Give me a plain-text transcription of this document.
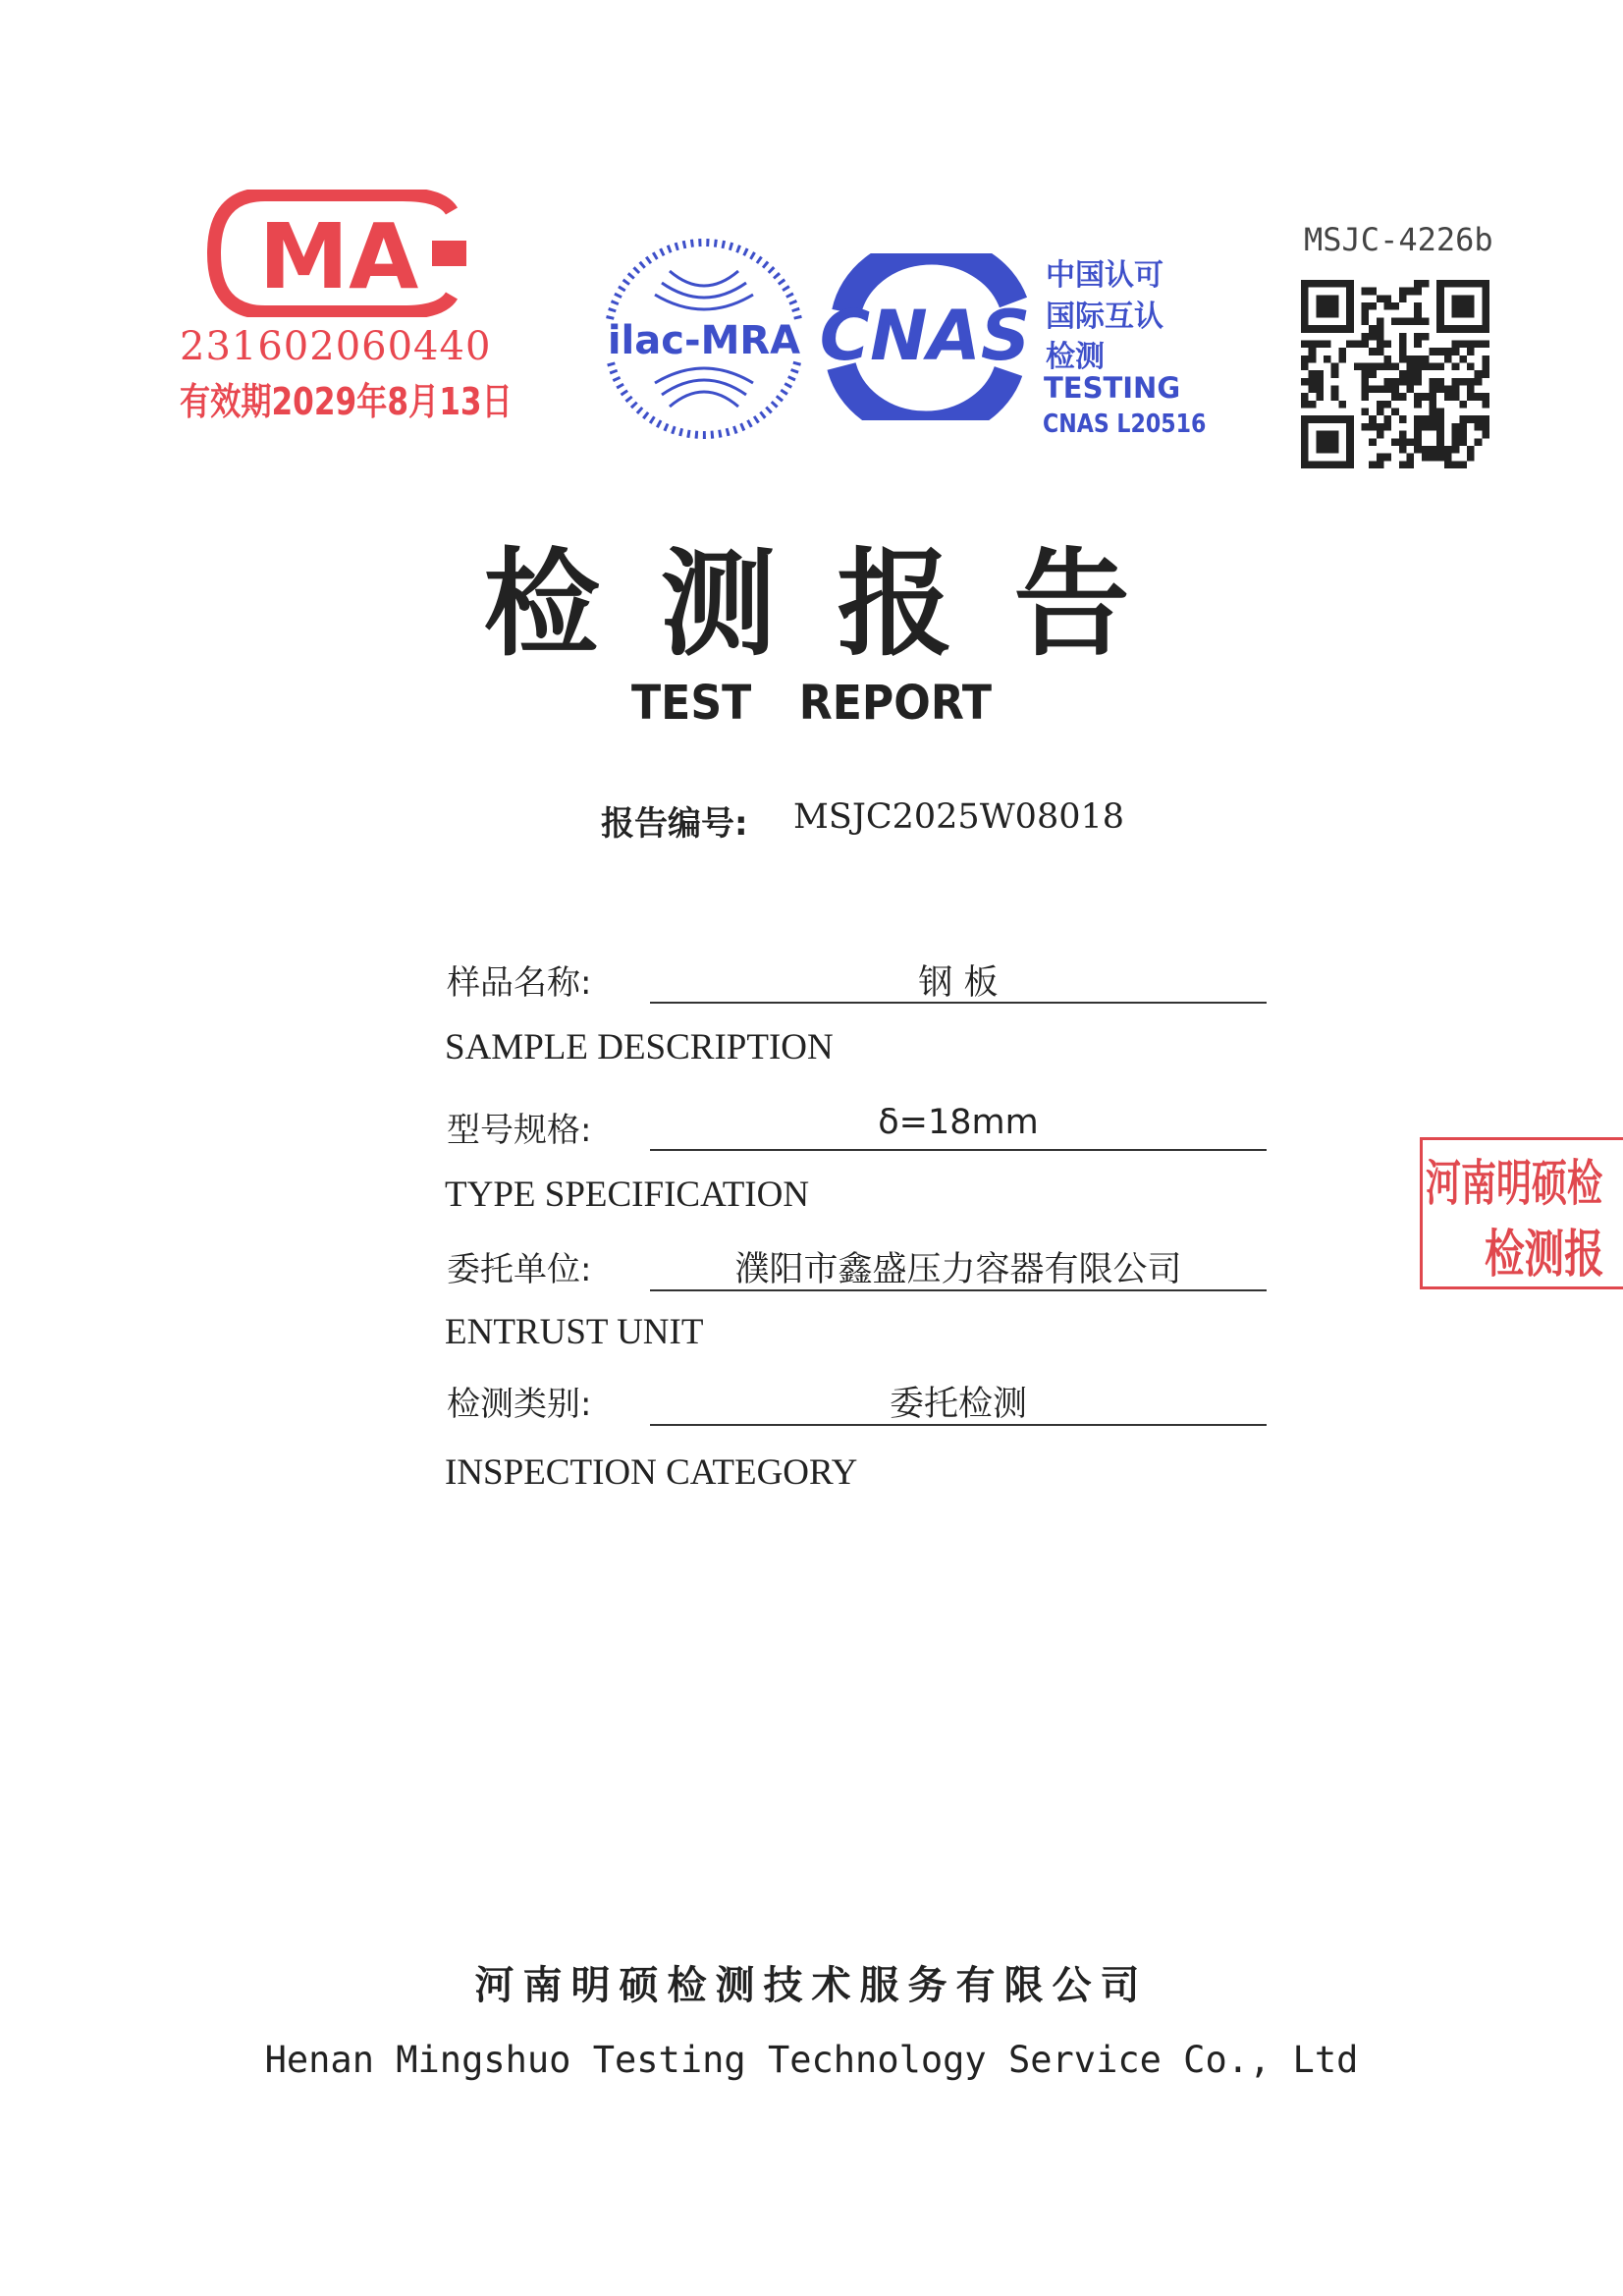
MA
231602060440
有效期2029年8月13日
ilac-MRA CNAS
中国认可
国际互认
检测
TESTING
CNAS L20516
MSJC-4226b
检测报告
TEST REPORT
报告编号: MSJC2025W08018
样品名称:	钢 板
SAMPLE DESCRIPTION
型号规格:	δ=18mm
TYPE SPECIFICATION
委托单位:	濮阳市鑫盛压力容器有限公司
ENTRUST UNIT
检测类别:	委托检测
INSPECTION CATEGORY
河南明硕检
检测报
河南明硕检测技术服务有限公司
Henan Mingshuo Testing Technology Service Co., Ltd
